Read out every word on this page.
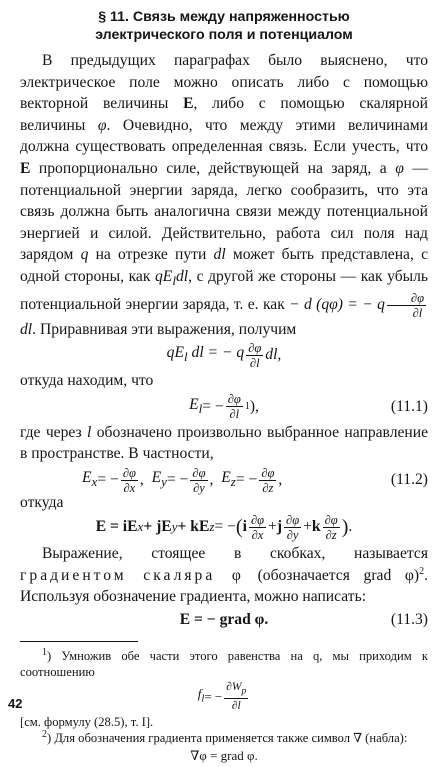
§ 11. Связь между напряженностью
электрического поля и потенциалом

В предыдущих параграфах было выяснено, что электрическое поле можно описать либо с помощью векторной величины E, либо с помощью скалярной величины φ. Очевидно, что между этими величинами должна существовать определенная связь. Если учесть, что E пропорционально силе, действующей на заряд, а φ — потенциальной энергии заряда, легко сообразить, что эта связь должна быть аналогична связи между потенциальной энергией и силой. Действительно, работа сил поля над зарядом q на отрезке пути dl может быть представлена, с одной стороны, как $qE_ldl$, с другой же стороны — как убыль потенциальной энергии заряда, т. е. как − d (qφ) = − q $\frac{\partial\varphi}{\partial l}$
dl. Приравнивая эти выражения, получим

$qE_l$ dl = − q $\frac{\partial\varphi}{\partial l}$ dl,

откуда находим, что

$E_l$ = − $\frac{\partial\varphi}{\partial l} 1$ ),	(11.1)

где через l обозначено произвольно выбранное направление в пространстве. В частности,

$E_x$ = − $\frac{\partial\varphi}{\partial x}$ ,
$E_y$ = − $\frac{\partial\varphi}{\partial y}$ ,
$E_z$ = − $\frac{\partial\varphi}{\partial z}$ ,	(11.2)

откуда

E = iE x + jE y + kE z = − ( i $\frac{\partial\varphi}{\partial x} + j \frac{\partial\varphi}{\partial y} + k \frac{\partial\varphi}{\partial z}$ ) .

Выражение, стоящее в скобках, называется градиентом скаляра φ (обозначается grad φ)$^2$. Используя обозначение градиента, можно написать:

E = − grad φ.	(11.3)

$^1$) Умножив обе части этого равенства на q, мы приходим к соотношению

$f_l$ = − $\frac{\partial W_p}{\partial l}$

[см. формулу (28.5), т. I].

$^2$) Для обозначения градиента применяется также символ ∇ (набла):

∇φ = grad φ.
42
